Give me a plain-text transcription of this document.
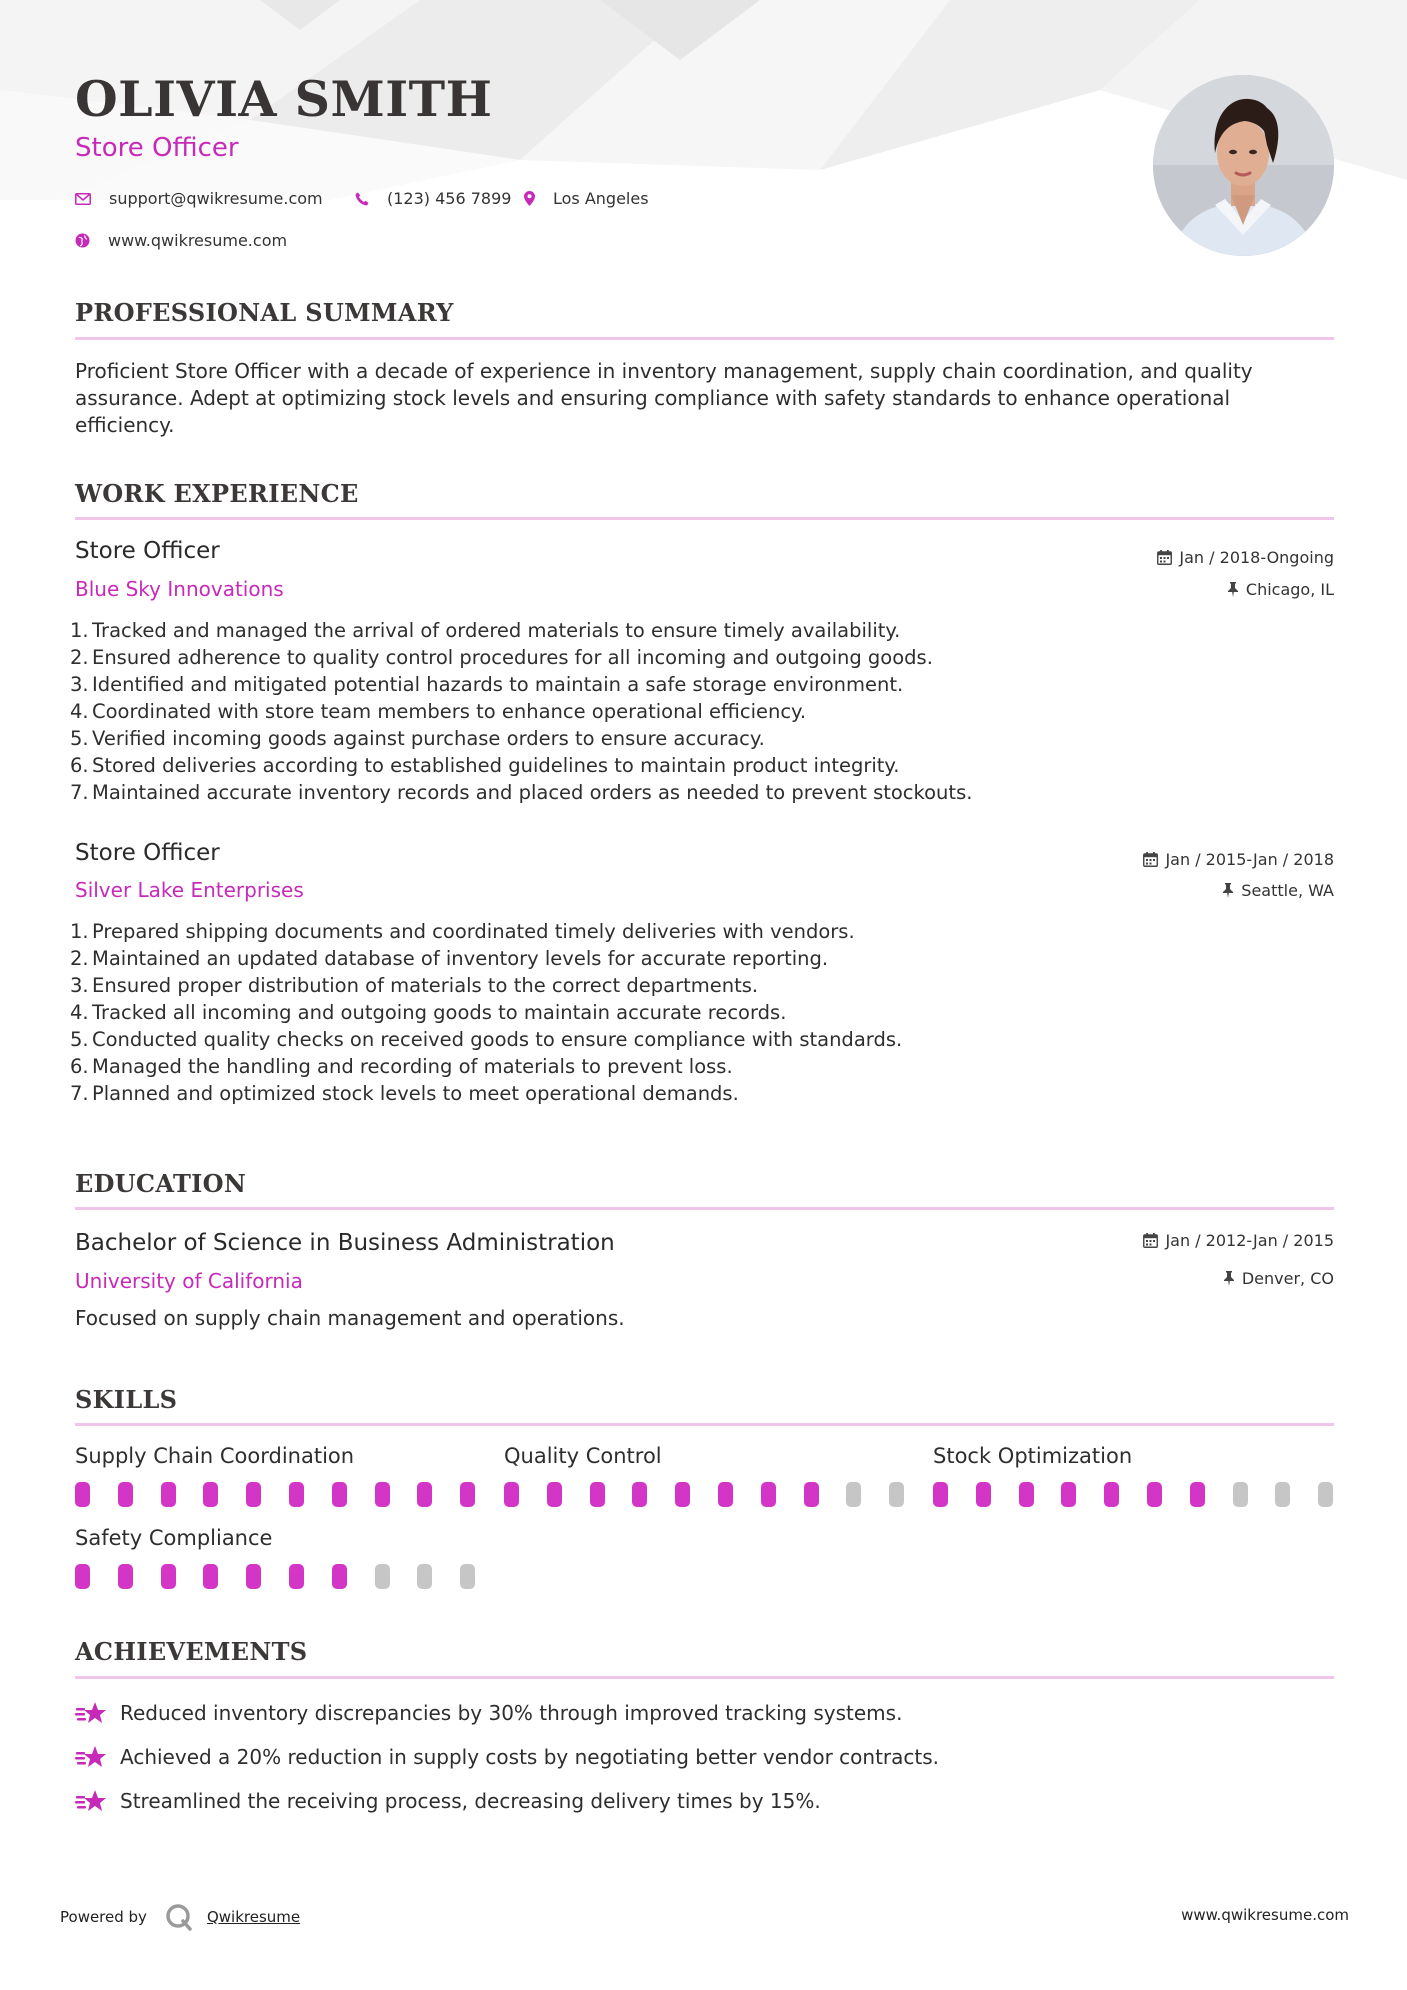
OLIVIA SMITH
Store Officer
support@qwikresume.com	(123) 456 7899	Los Angeles
www.qwikresume.com
PROFESSIONAL SUMMARY
Proficient Store Officer with a decade of experience in inventory management, supply chain coordination, and quality assurance. Adept at optimizing stock levels and ensuring compliance with safety standards to enhance operational efficiency.
WORK EXPERIENCE
Store Officer
Blue Sky Innovations
Jan / 2018-Ongoing
Chicago, IL
1. Tracked and managed the arrival of ordered materials to ensure timely availability.
2. Ensured adherence to quality control procedures for all incoming and outgoing goods.
3. Identified and mitigated potential hazards to maintain a safe storage environment.
4. Coordinated with store team members to enhance operational efficiency.
5. Verified incoming goods against purchase orders to ensure accuracy.
6. Stored deliveries according to established guidelines to maintain product integrity.
7. Maintained accurate inventory records and placed orders as needed to prevent stockouts.
Store Officer
Silver Lake Enterprises
Jan / 2015-Jan / 2018
Seattle, WA
1. Prepared shipping documents and coordinated timely deliveries with vendors.
2. Maintained an updated database of inventory levels for accurate reporting.
3. Ensured proper distribution of materials to the correct departments.
4. Tracked all incoming and outgoing goods to maintain accurate records.
5. Conducted quality checks on received goods to ensure compliance with standards.
6. Managed the handling and recording of materials to prevent loss.
7. Planned and optimized stock levels to meet operational demands.
EDUCATION
Bachelor of Science in Business Administration
University of California
Jan / 2012-Jan / 2015
Denver, CO
Focused on supply chain management and operations.
SKILLS
Supply Chain Coordination	Quality Control	Stock Optimization
Safety Compliance
ACHIEVEMENTS
Reduced inventory discrepancies by 30% through improved tracking systems.
Achieved a 20% reduction in supply costs by negotiating better vendor contracts.
Streamlined the receiving process, decreasing delivery times by 15%.
Powered by	Qwikresume	www.qwikresume.com
